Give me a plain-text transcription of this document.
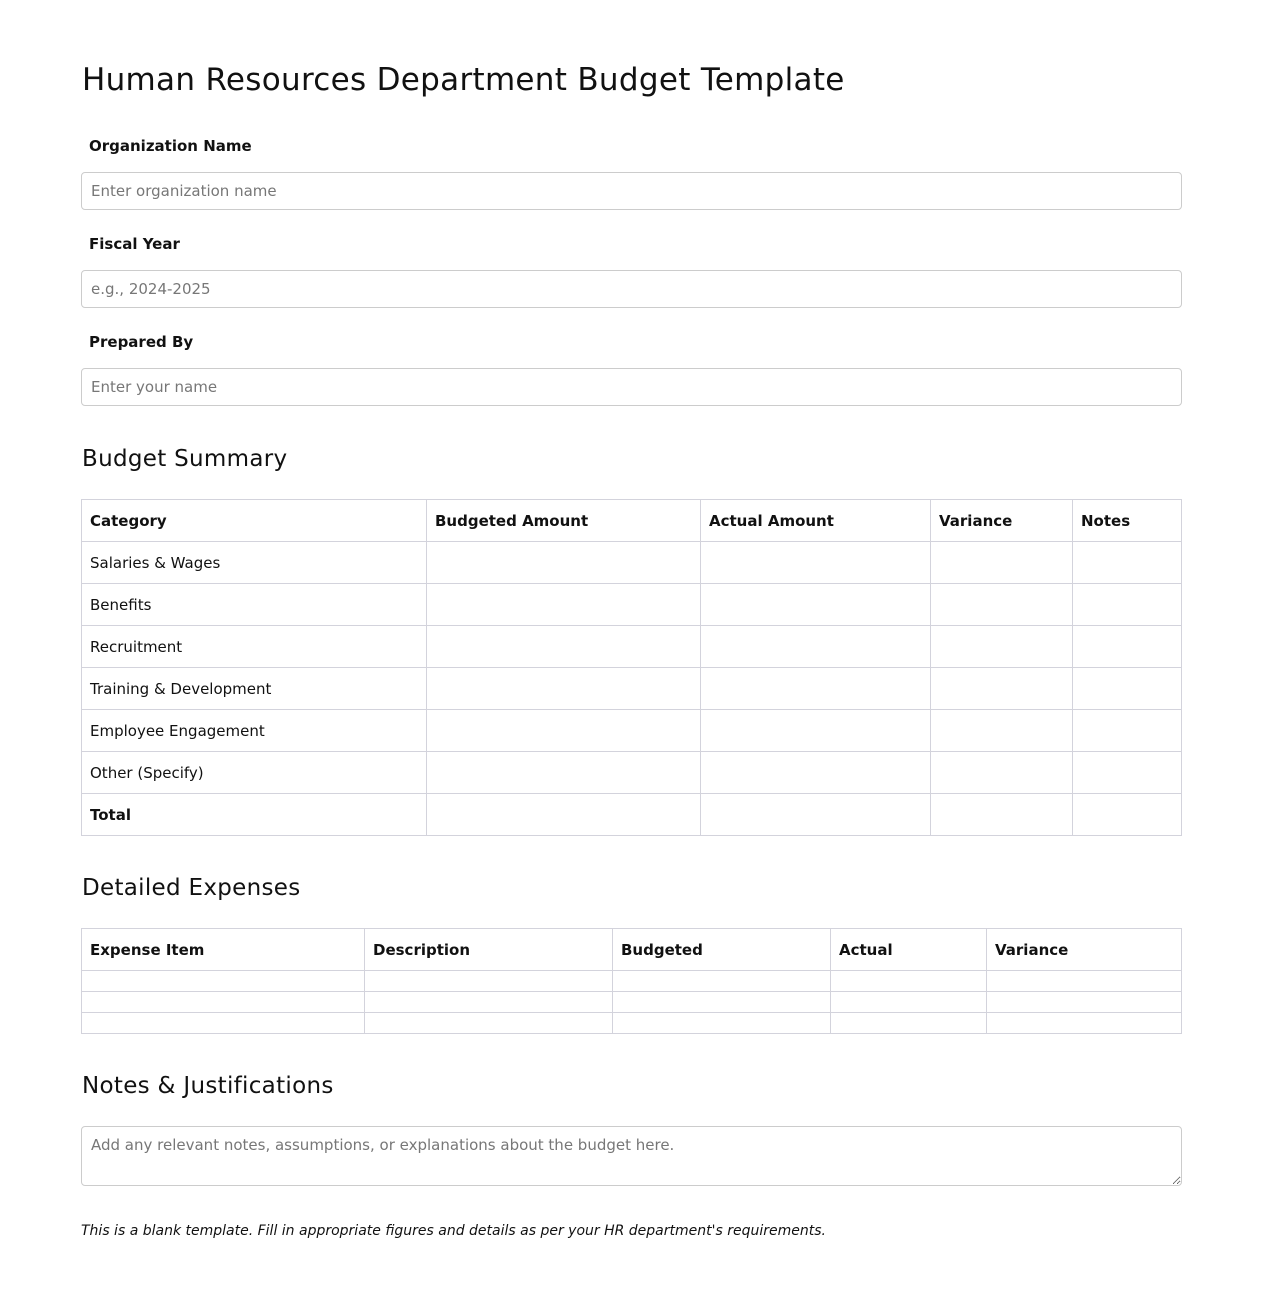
Human Resources Department Budget Template
Organization Name
Enter organization name
Fiscal Year
e.g., 2024-2025
Prepared By
Enter your name
Budget Summary
Category	Budgeted Amount	Actual Amount	Variance	Notes
Salaries & Wages				
Benefits				
Recruitment				
Training & Development				
Employee Engagement				
Other (Specify)				
Total				
Detailed Expenses
Expense Item	Description	Budgeted	Actual	Variance

Notes & Justifications
Add any relevant notes, assumptions, or explanations about the budget here.
This is a blank template. Fill in appropriate figures and details as per your HR department's requirements.
